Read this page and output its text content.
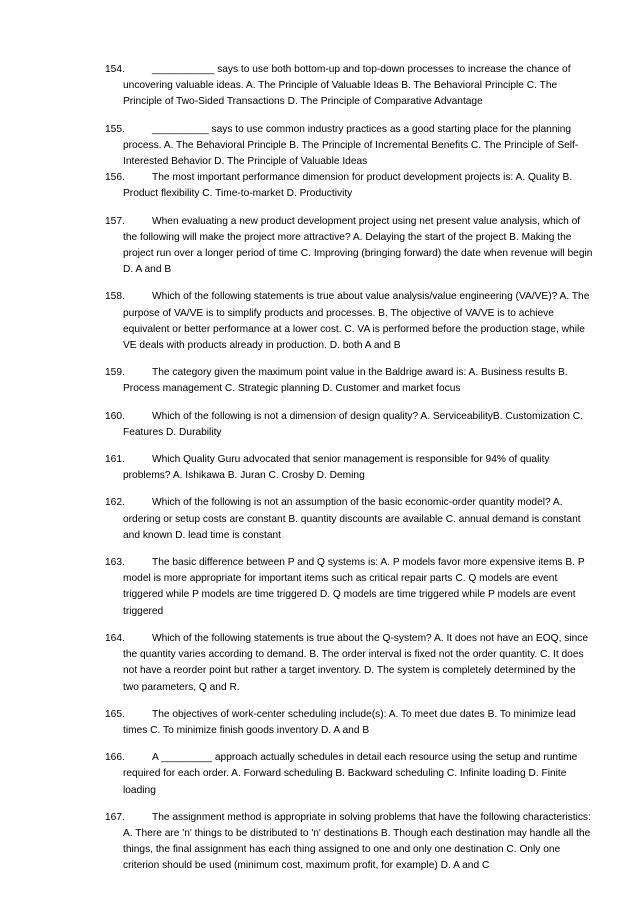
154.	___________ says to use both bottom-up and top-down processes to increase the chance of uncovering valuable ideas. A. The Principle of Valuable Ideas B. The Behavioral Principle C. The Principle of Two-Sided Transactions D. The Principle of Comparative Advantage
155.	__________ says to use common industry practices as a good starting place for the planning process. A. The Behavioral Principle B. The Principle of Incremental Benefits C. The Principle of Self-Interested Behavior D. The Principle of Valuable Ideas
156.	The most important performance dimension for product development projects is: A. Quality B. Product flexibility C. Time-to-market D. Productivity
157.	When evaluating a new product development project using net present value analysis, which of the following will make the project more attractive? A. Delaying the start of the project B. Making the project run over a longer period of time C. Improving (bringing forward) the date when revenue will begin D. A and B
158.	Which of the following statements is true about value analysis/value engineering (VA/VE)? A. The purpose of VA/VE is to simplify products and processes. B. The objective of VA/VE is to achieve equivalent or better performance at a lower cost. C. VA is performed before the production stage, while VE deals with products already in production. D. both A and B
159.	The category given the maximum point value in the Baldrige award is: A. Business results B. Process management C. Strategic planning D. Customer and market focus
160.	Which of the following is not a dimension of design quality? A. ServiceabilityB. Customization C. Features D. Durability
161.	Which Quality Guru advocated that senior management is responsible for 94% of quality problems? A. Ishikawa B. Juran C. Crosby D. Deming
162.	Which of the following is not an assumption of the basic economic-order quantity model? A. ordering or setup costs are constant B. quantity discounts are available C. annual demand is constant and known D. lead time is constant
163.	The basic difference between P and Q systems is: A. P models favor more expensive items B. P model is more appropriate for important items such as critical repair parts C. Q models are event triggered while P models are time triggered D. Q models are time triggered while P models are event triggered
164.	Which of the following statements is true about the Q-system? A. It does not have an EOQ, since the quantity varies according to demand. B. The order interval is fixed not the order quantity. C. It does not have a reorder point but rather a target inventory. D. The system is completely determined by the two parameters, Q and R.
165.	The objectives of work-center scheduling include(s): A. To meet due dates B. To minimize lead times C. To minimize finish goods inventory D. A and B
166.	A _________ approach actually schedules in detail each resource using the setup and runtime required for each order. A. Forward scheduling B. Backward scheduling C. Infinite loading D. Finite loading
167.	The assignment method is appropriate in solving problems that have the following characteristics: A. There are 'n' things to be distributed to 'n' destinations B. Though each destination may handle all the things, the final assignment has each thing assigned to one and only one destination C. Only one criterion should be used (minimum cost, maximum profit, for example) D. A and C
